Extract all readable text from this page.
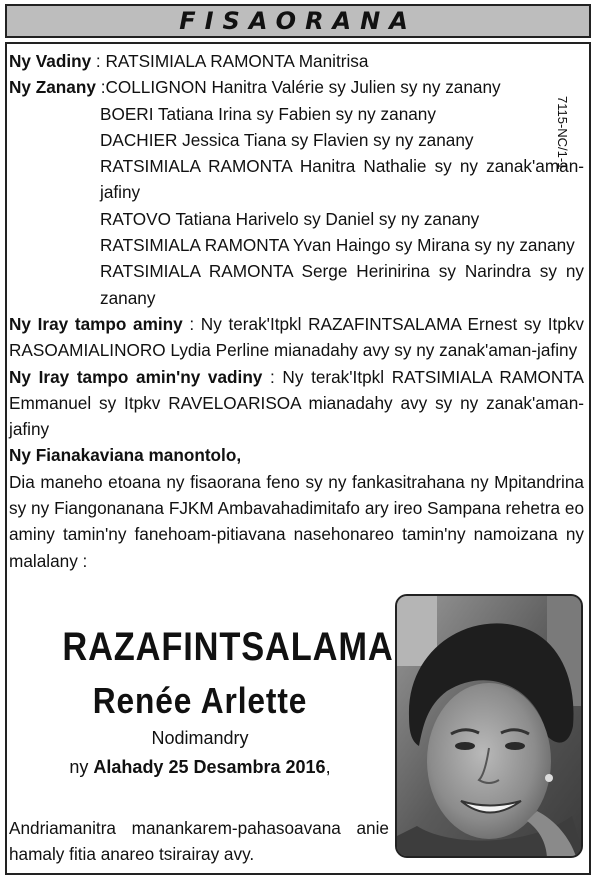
FISAORANA
7115-NC/1-1

Ny Vadiny : RATSIMIALA RAMONTA Manitrisa

Ny Zanany :COLLIGNON Hanitra Valérie sy Julien sy ny zanany

BOERI Tatiana Irina sy Fabien sy ny zanany

DACHIER Jessica Tiana sy Flavien sy ny zanany

RATSIMIALA RAMONTA Hanitra Nathalie sy ny zanak'aman-jafiny

RATOVO Tatiana Harivelo sy Daniel sy ny zanany

RATSIMIALA RAMONTA Yvan Haingo sy Mirana sy ny zanany

RATSIMIALA RAMONTA Serge Herinirina sy Narindra sy ny zanany

Ny Iray tampo aminy : Ny terak'Itpkl RAZAFINTSALAMA Ernest sy Itpkv RASOAMIALINORO Lydia Perline mianadahy avy sy ny zanak'aman-jafiny

Ny Iray tampo amin'ny vadiny : Ny terak'Itpkl RATSIMIALA RAMONTA Emmanuel sy Itpkv RAVELOARISOA mianadahy avy sy ny zanak'aman-jafiny

Ny Fianakaviana manontolo,

Dia maneho etoana ny fisaorana feno sy ny fankasitrahana ny Mpitandrina sy ny Fiangonanana FJKM Ambavahadimitafo ary ireo Sampana rehetra eo aminy tamin'ny fanehoam-pitiavana nasehonareo tamin'ny namoizana ny malalany :

RAZAFINTSALAMA
Renée Arlette
Nodimandry
ny Alahady 25 Desambra 2016,
Andriamanitra manankarem-pahasoavana anie hamaly fitia anareo tsirairay avy.
